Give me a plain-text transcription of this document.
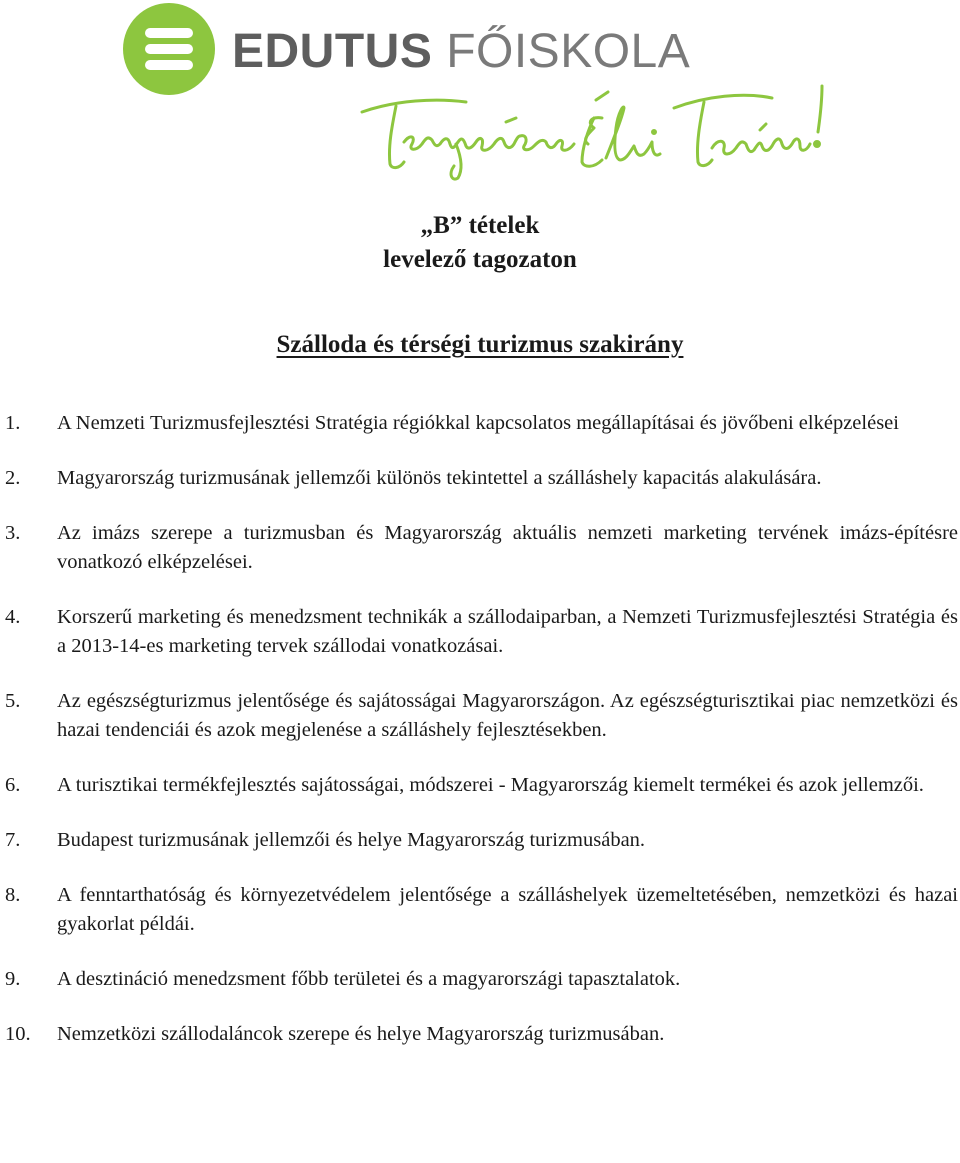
EDUTUS FŐISKOLA
Természetesen Élni Tanítunk!
„B” tételek
levelező tagozaton
Szálloda és térségi turizmus szakirány
1. A Nemzeti Turizmusfejlesztési Stratégia régiókkal kapcsolatos megállapításai és jövőbeni elképzelései
2. Magyarország turizmusának jellemzői különös tekintettel a szálláshely kapacitás alakulására.
3. Az imázs szerepe a turizmusban és Magyarország aktuális nemzeti marketing tervének imázs-építésre vonatkozó elképzelései.
4. Korszerű marketing és menedzsment technikák a szállodaiparban, a Nemzeti Turizmusfejlesztési Stratégia és a 2013-14-es marketing tervek szállodai vonatkozásai.
5. Az egészségturizmus jelentősége és sajátosságai Magyarországon. Az egészségturisztikai piac nemzetközi és hazai tendenciái és azok megjelenése a szálláshely fejlesztésekben.
6. A turisztikai termékfejlesztés sajátosságai, módszerei - Magyarország kiemelt termékei és azok jellemzői.
7. Budapest turizmusának jellemzői és helye Magyarország turizmusában.
8. A fenntarthatóság és környezetvédelem jelentősége a szálláshelyek üzemeltetésében, nemzetközi és hazai gyakorlat példái.
9. A desztináció menedzsment főbb területei és a magyarországi tapasztalatok.
10. Nemzetközi szállodaláncok szerepe és helye Magyarország turizmusában.
